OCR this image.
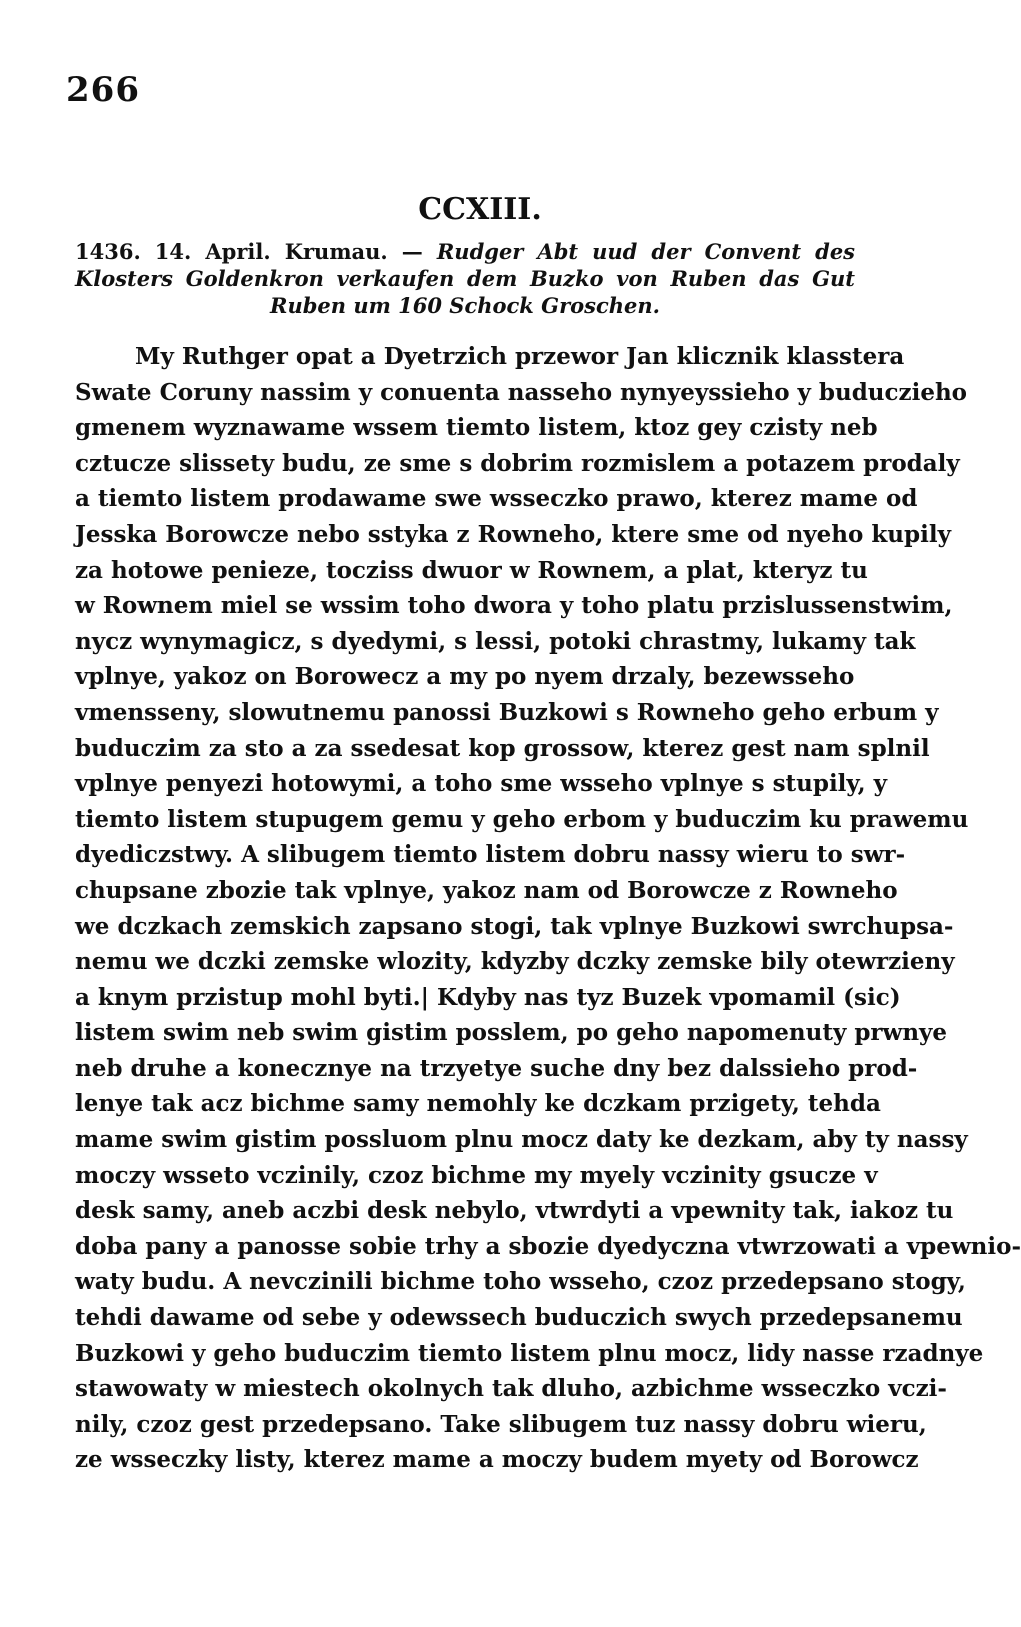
266
CCXIII.
1436. 14. April. Krumau. — Rudger Abt uud der Convent des Klosters Goldenkron verkaufen dem Buzko von Ruben das Gut Ruben um 160 Schock Groschen.
My Ruthger opat a Dyetrzich przewor Jan klicznik klasstera
Swate Coruny nassim y conuenta nasseho nynyeyssieho y buduczieho
gmenem wyznawame wssem tiemto listem, ktoz gey czisty neb
cztucze slissety budu, ze sme s dobrim rozmislem a potazem prodaly
a tiemto listem prodawame swe wsseczko prawo, kterez mame od
Jesska Borowcze nebo sstyka z Rowneho, ktere sme od nyeho kupily
za hotowe penieze, tocziss dwuor w Rownem, a plat, kteryz tu
w Rownem miel se wssim toho dwora y toho platu przislussenstwim,
nycz wynymagicz, s dyedymi, s lessi, potoki chrastmy, lukamy tak
vplnye, yakoz on Borowecz a my po nyem drzaly, bezewsseho
vmensseny, slowutnemu panossi Buzkowi s Rowneho geho erbum y
buduczim za sto a za ssedesat kop grossow, kterez gest nam splnil
vplnye penyezi hotowymi, a toho sme wsseho vplnye s stupily, y
tiemto listem stupugem gemu y geho erbom y buduczim ku prawemu
dyediczstwy. A slibugem tiemto listem dobru nassy wieru to swr-
chupsane zbozie tak vplnye, yakoz nam od Borowcze z Rowneho
we dczkach zemskich zapsano stogi, tak vplnye Buzkowi swrchupsa-
nemu we dczki zemske wlozity, kdyzby dczky zemske bily otewrzieny
a knym przistup mohl byti.| Kdyby nas tyz Buzek vpomamil (sic)
listem swim neb swim gistim posslem, po geho napomenuty prwnye
neb druhe a konecznye na trzyetye suche dny bez dalssieho prod-
lenye tak acz bichme samy nemohly ke dczkam przigety, tehda
mame swim gistim possluom plnu mocz daty ke dezkam, aby ty nassy
moczy wsseto vczinily, czoz bichme my myely vczinity gsucze v
desk samy, aneb aczbi desk nebylo, vtwrdyti a vpewnity tak, iakoz tu
doba pany a panosse sobie trhy a sbozie dyedyczna vtwrzowati a vpewnio-
waty budu. A nevczinili bichme toho wsseho, czoz przedepsano stogy,
tehdi dawame od sebe y odewssech buduczich swych przedepsanemu
Buzkowi y geho buduczim tiemto listem plnu mocz, lidy nasse rzadnye
stawowaty w miestech okolnych tak dluho, azbichme wsseczko vczi-
nily, czoz gest przedepsano. Take slibugem tuz nassy dobru wieru,
ze wsseczky listy, kterez mame a moczy budem myety od Borowcz
